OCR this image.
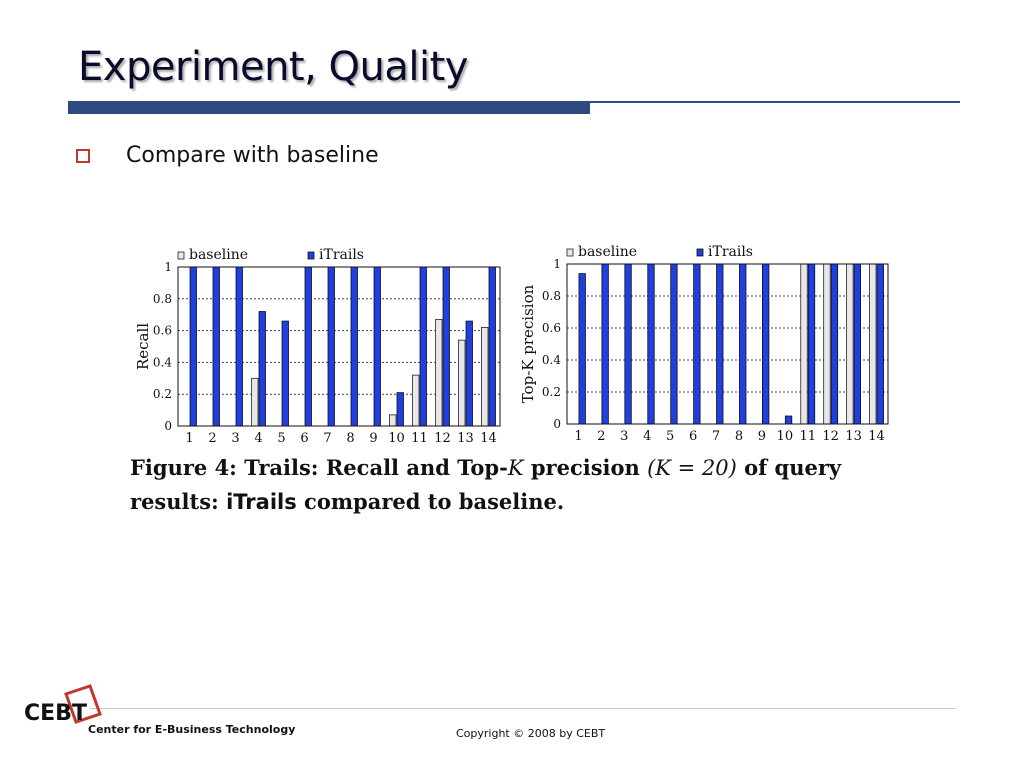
Experiment, Quality
Compare with baseline
0
0.2
0.4
0.6
0.8
1
1 2 3 4 5 6 7 8 9 10 11 12 13 14
Recall
baseline	iTrails
0
0.2
0.4
0.6
0.8
1
1 2 3 4 5 6 7 8 9 10 11 12 13 14
Top-K precision
baseline	iTrails
Figure 4: Trails: Recall and Top-K precision (K = 20) of query
results: iTrails compared to baseline.
CEBT
Center for E-Business Technology	Copyright © 2008 by CEBT
